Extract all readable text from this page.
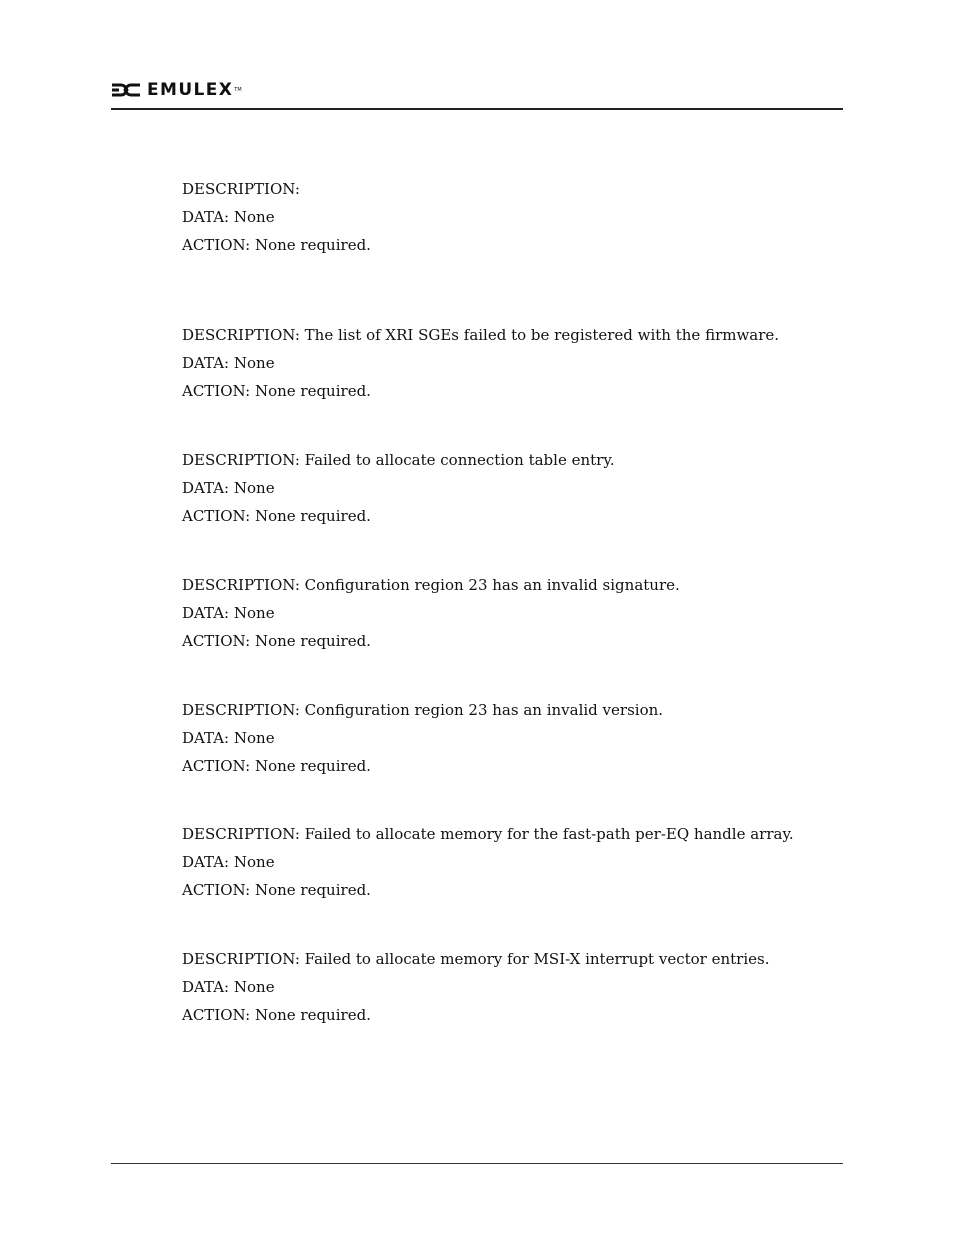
EMULEX TM
DESCRIPTION:
DATA: None
ACTION: None required.
DESCRIPTION: The list of XRI SGEs failed to be registered with the firmware.
DATA: None
ACTION: None required.
DESCRIPTION: Failed to allocate connection table entry.
DATA: None
ACTION: None required.
DESCRIPTION: Configuration region 23 has an invalid signature.
DATA: None
ACTION: None required.
DESCRIPTION: Configuration region 23 has an invalid version.
DATA: None
ACTION: None required.
DESCRIPTION: Failed to allocate memory for the fast-path per-EQ handle array.
DATA: None
ACTION: None required.
DESCRIPTION: Failed to allocate memory for MSI-X interrupt vector entries.
DATA: None
ACTION: None required.
